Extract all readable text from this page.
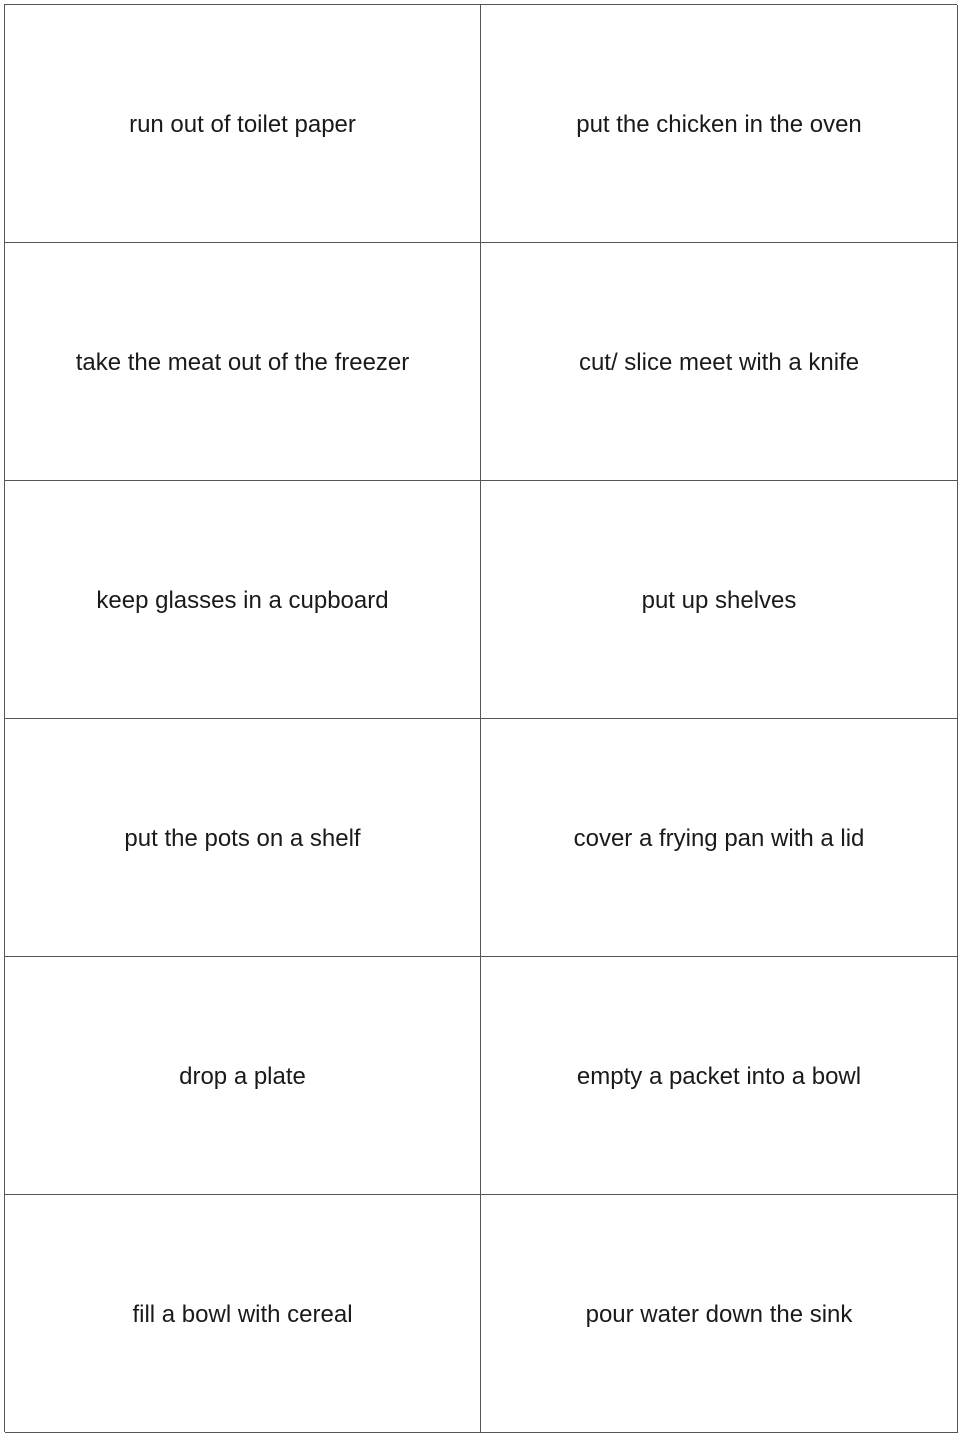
run out of toilet paper	put the chicken in the oven
take the meat out of the freezer	cut/ slice meet with a knife
keep glasses in a cupboard	put up shelves
put the pots on a shelf	cover a frying pan with a lid
drop a plate	empty a packet into a bowl
fill a bowl with cereal	pour water down the sink
